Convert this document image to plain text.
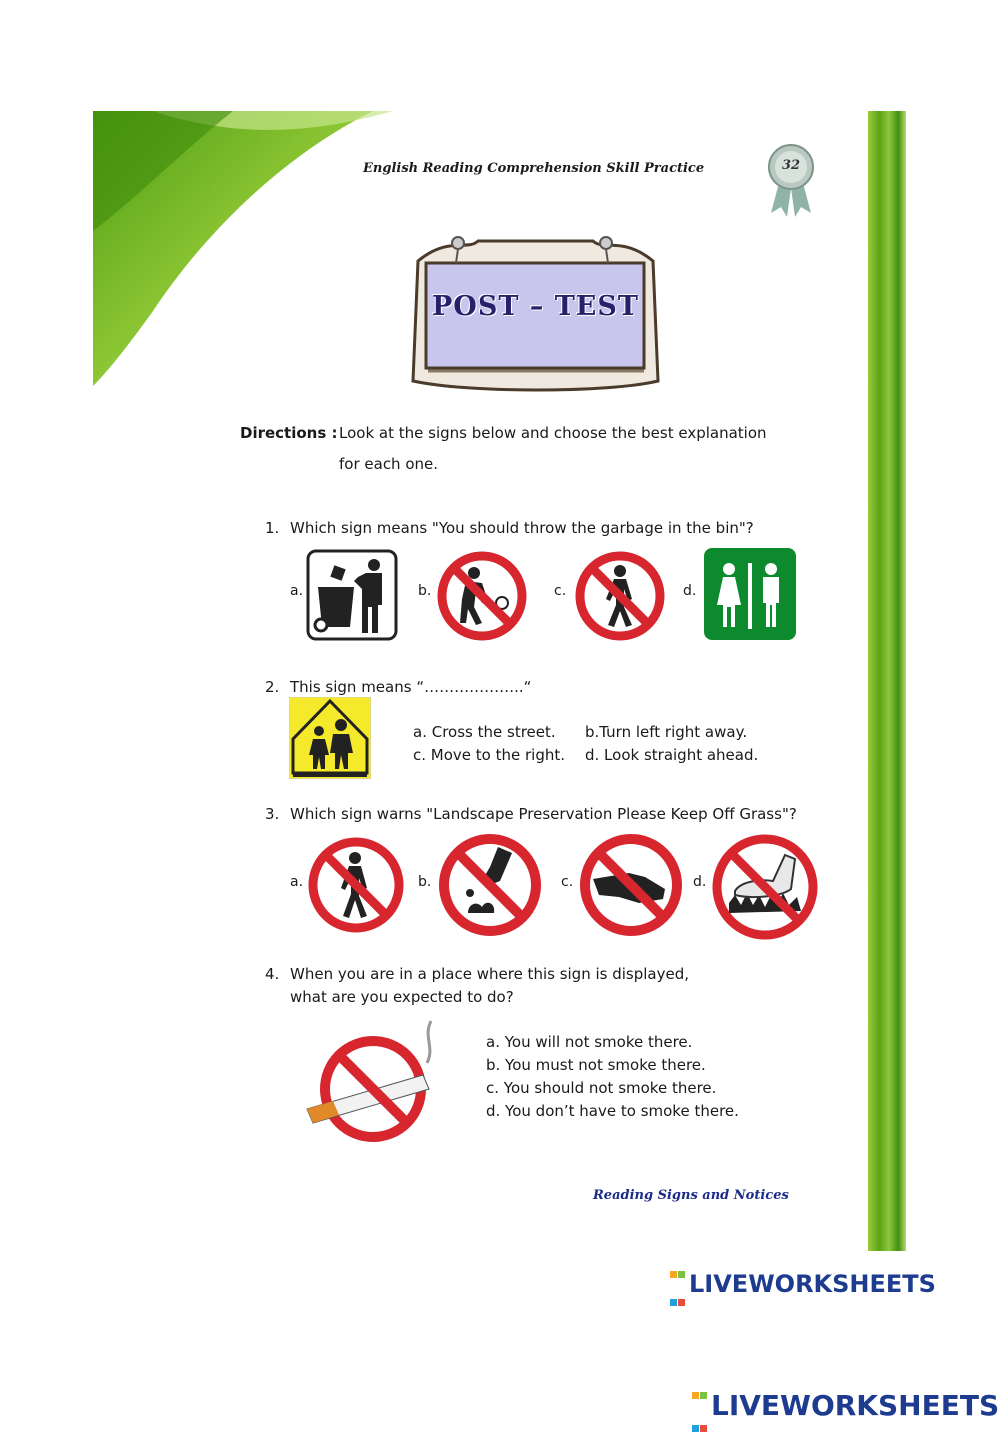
English Reading Comprehension Skill Practice	32
POST – TEST
Directions : Look at the signs below and choose the best explanation
for each one.
1. Which sign means "You should throw the garbage in the bin"?
a.	b.	c.	d.
2. This sign means “………………..“
a. Cross the street. b.Turn left right away.
c. Move to the right. d. Look straight ahead.
3. Which sign warns "Landscape Preservation Please Keep Off Grass"?
a.	b.	c.	d.
4. When you are in a place where this sign is displayed,
what are you expected to do?
a. You will not smoke there.
b. You must not smoke there.
c. You should not smoke there.
d. You don’t have to smoke there.
Reading Signs and Notices

LIVEWORKSHEETS

LIVEWORKSHEETS
